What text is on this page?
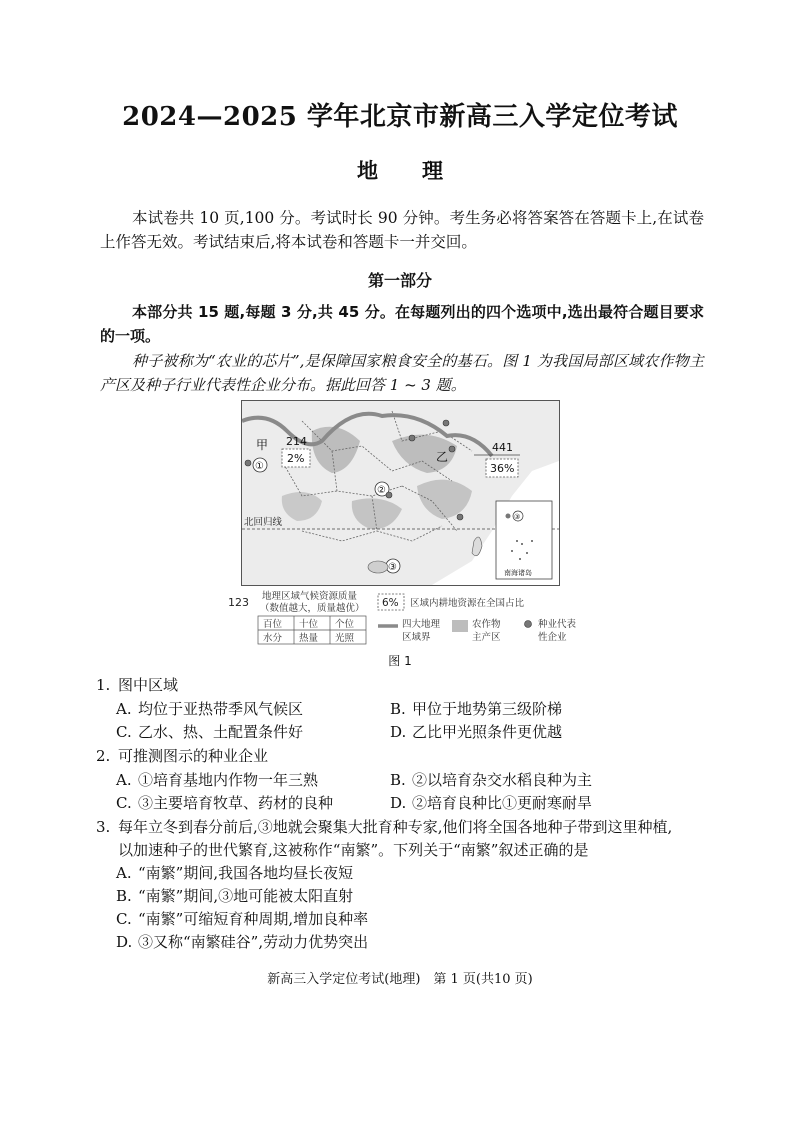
2024—2025 学年北京市新高三入学定位考试
地 理
本试卷共 10 页,100 分。考试时长 90 分钟。考生务必将答案答在答题卡上,在试卷上作答无效。考试结束后,将本试卷和答题卡一并交回。
第一部分
本部分共 15 题,每题 3 分,共 45 分。在每题列出的四个选项中,选出最符合题目要求的一项。
种子被称为“农业的芯片”,是保障国家粮食安全的基石。图 1 为我国局部区域农作物主产区及种子行业代表性企业分布。据此回答 1 ~ 3 题。
北回归线
甲 214
2%	乙
441
36%
①
②
③
③
南海诸岛
123 地理区域气候资源质量
（数值越大，质量越优）
百位 十位 个位
水分 热量 光照
6% 区域内耕地资源在全国占比
四大地理
区域界
农作物
主产区
种业代表
性企业
图 1
1. 图中区域
A. 均位于亚热带季风气候区	B. 甲位于地势第三级阶梯
C. 乙水、热、土配置条件好	D. 乙比甲光照条件更优越
2. 可推测图示的种业企业
A. ①培育基地内作物一年三熟	B. ②以培育杂交水稻良种为主
C. ③主要培育牧草、药材的良种	D. ②培育良种比①更耐寒耐旱
3. 每年立冬到春分前后,③地就会聚集大批育种专家,他们将全国各地种子带到这里种植,
以加速种子的世代繁育,这被称作“南繁”。下列关于“南繁”叙述正确的是
A. “南繁”期间,我国各地均昼长夜短
B. “南繁”期间,③地可能被太阳直射
C. “南繁”可缩短育种周期,增加良种率
D. ③又称“南繁硅谷”,劳动力优势突出
新高三入学定位考试(地理)　第 1 页(共10 页)
